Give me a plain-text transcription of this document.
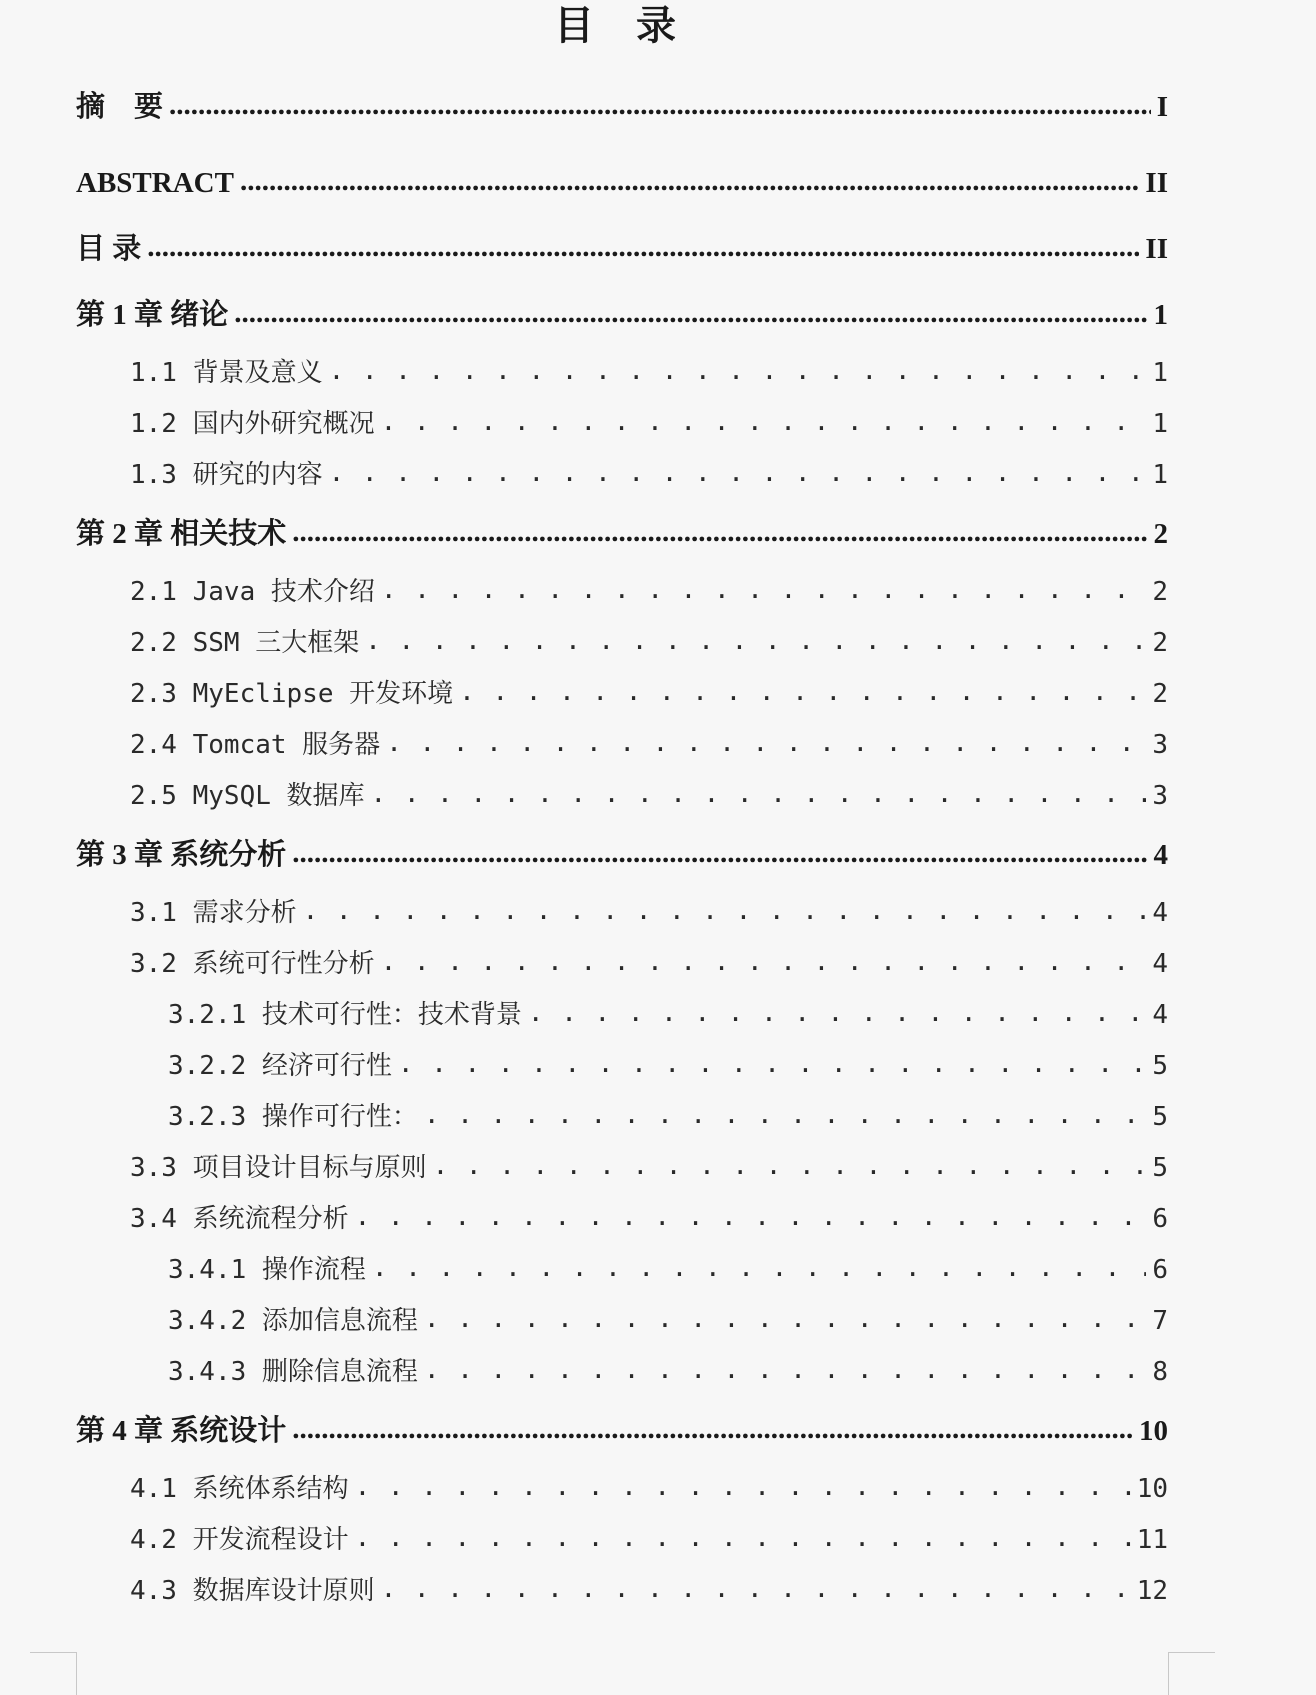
目 录
摘　要 .....	I
ABSTRACT .....	II
目 录 .....	II
第 1 章 绪论 .....	1
1.1 背景及意义 . . .	1
1.2 国内外研究概况 . . .	1
1.3 研究的内容 . . .	1
第 2 章 相关技术 .....	2
2.1 Java 技术介绍 . . .	2
2.2 SSM 三大框架 . . .	2
2.3 MyEclipse 开发环境 . . .	2
2.4 Tomcat 服务器 . . .	3
2.5 MySQL 数据库 . . .	3
第 3 章 系统分析 .....	4
3.1 需求分析 . . .	4
3.2 系统可行性分析 . . .	4
3.2.1 技术可行性：技术背景 . . .	4
3.2.2 经济可行性 . . .	5
3.2.3 操作可行性： . . .	5
3.3 项目设计目标与原则 . . .	5
3.4 系统流程分析 . . .	6
3.4.1 操作流程 . . .	6
3.4.2 添加信息流程 . . .	7
3.4.3 删除信息流程 . . .	8
第 4 章 系统设计 .....	10
4.1 系统体系结构 . . .	10
4.2 开发流程设计 . . .	11
4.3 数据库设计原则 . . .	12
